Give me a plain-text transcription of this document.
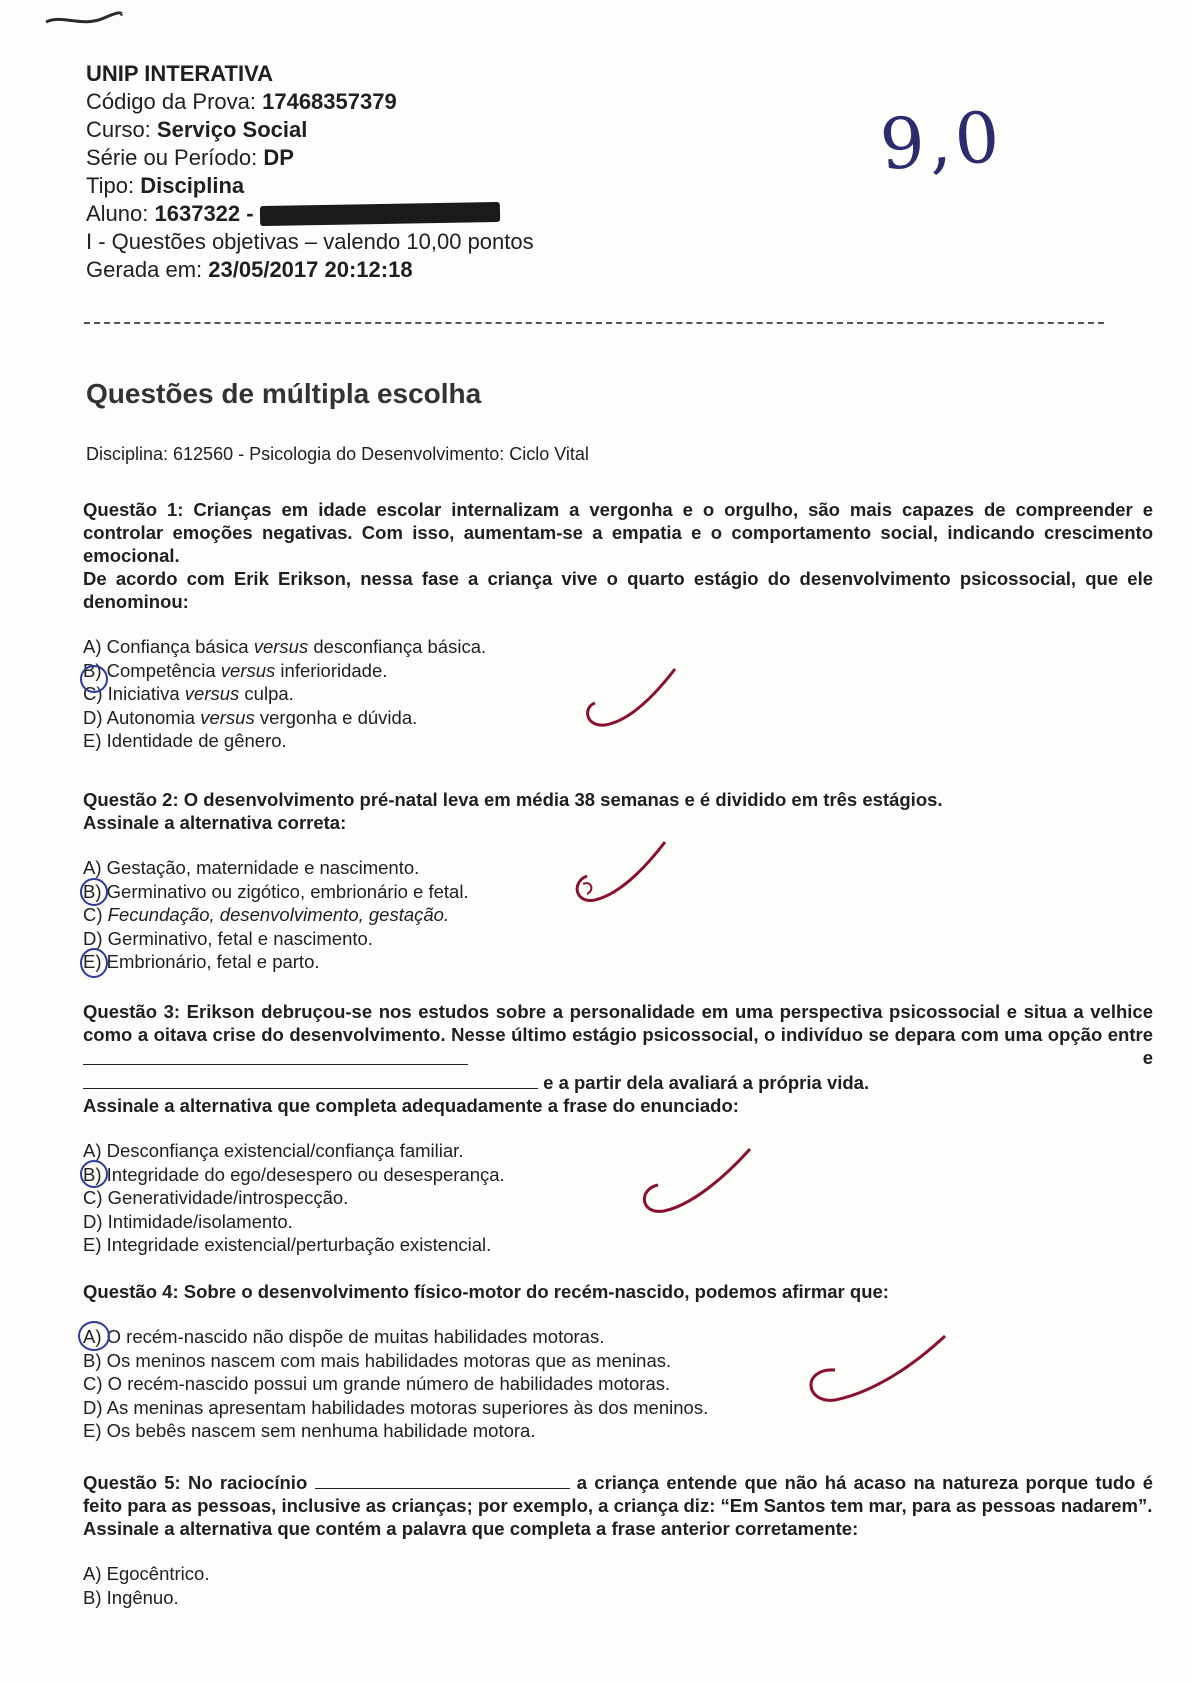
UNIP INTERATIVA
Código da Prova: 17468357379
Curso: Serviço Social
Série ou Período: DP
Tipo: Disciplina
Aluno: 1637322 -
I - Questões objetivas – valendo 10,00 pontos
Gerada em: 23/05/2017 20:12:18
9,0
Questões de múltipla escolha
Disciplina: 612560 - Psicologia do Desenvolvimento: Ciclo Vital

Questão 1: Crianças em idade escolar internalizam a vergonha e o orgulho, são mais capazes de compreender e controlar emoções negativas. Com isso, aumentam-se a empatia e o comportamento social, indicando crescimento emocional.

De acordo com Erik Erikson, nessa fase a criança vive o quarto estágio do desenvolvimento psicossocial, que ele denominou:

A) Confiança básica versus desconfiança básica.
B) Competência versus inferioridade.
C) Iniciativa versus culpa.
D) Autonomia versus vergonha e dúvida.
E) Identidade de gênero.

Questão 2: O desenvolvimento pré-natal leva em média 38 semanas e é dividido em três estágios.

Assinale a alternativa correta:

A) Gestação, maternidade e nascimento.
B) Germinativo ou zigótico, embrionário e fetal.
C) Fecundação, desenvolvimento, gestação.
D) Germinativo, fetal e nascimento.
E) Embrionário, fetal e parto.

Questão 3: Erikson debruçou-se nos estudos sobre a personalidade em uma perspectiva psicossocial e situa a velhice como a oitava crise do desenvolvimento. Nesse último estágio psicossocial, o indivíduo se depara com uma opção entre
e

e a partir dela avaliará a própria vida.

Assinale a alternativa que completa adequadamente a frase do enunciado:

A) Desconfiança existencial/confiança familiar.
B) Integridade do ego/desespero ou desesperança.
C) Generatividade/introspecção.
D) Intimidade/isolamento.
E) Integridade existencial/perturbação existencial.

Questão 4: Sobre o desenvolvimento físico-motor do recém-nascido, podemos afirmar que:

A) O recém-nascido não dispõe de muitas habilidades motoras.
B) Os meninos nascem com mais habilidades motoras que as meninas.
C) O recém-nascido possui um grande número de habilidades motoras.
D) As meninas apresentam habilidades motoras superiores às dos meninos.
E) Os bebês nascem sem nenhuma habilidade motora.

Questão 5: No raciocínio	a criança entende que não há acaso na natureza porque tudo é feito para as pessoas, inclusive as crianças; por exemplo, a criança diz: “Em Santos tem mar, para as pessoas nadarem”.

Assinale a alternativa que contém a palavra que completa a frase anterior corretamente:

A) Egocêntrico.
B) Ingênuo.
